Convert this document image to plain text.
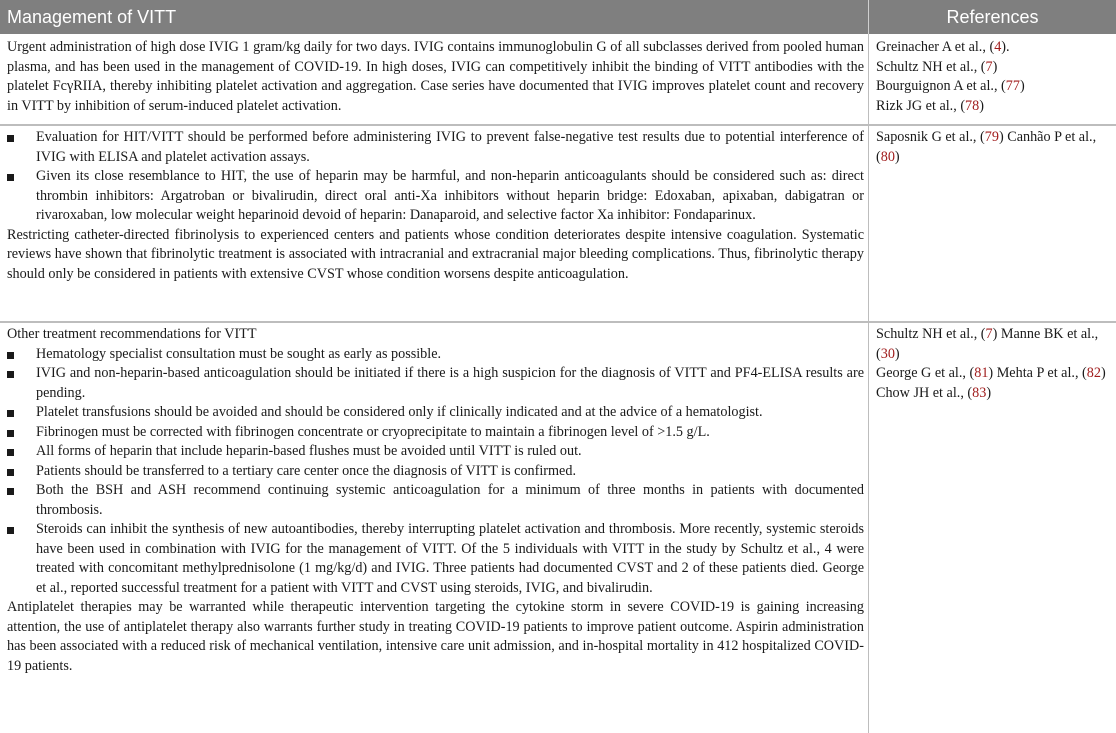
Management of VITT	References

Urgent administration of high dose IVIG 1 gram/kg daily for two days. IVIG contains immunoglobulin G of all subclasses derived from pooled human plasma, and has been used in the management of COVID-19. In high doses, IVIG can competitively inhibit the binding of VITT antibodies with the platelet FcγRIIA, thereby inhibiting platelet activation and aggregation. Case series have documented that IVIG improves platelet count and recovery in VITT by inhibition of serum-induced platelet activation.

Greinacher A et al., (4).

Schultz NH et al., (7)

Bourguignon A et al., (77)

Rizk JG et al., (78)

Evaluation for HIT/VITT should be performed before administering IVIG to prevent false-negative test results due to potential interference of IVIG with ELISA and platelet activation assays.
Given its close resemblance to HIT, the use of heparin may be harmful, and non-heparin anticoagulants should be considered such as: direct thrombin inhibitors: Argatroban or bivalirudin, direct oral anti-Xa inhibitors without heparin bridge: Edoxaban, apixaban, dabigatran or rivaroxaban, low molecular weight heparinoid devoid of heparin: Danaparoid, and selective factor Xa inhibitor: Fondaparinux.

Restricting catheter-directed fibrinolysis to experienced centers and patients whose condition deteriorates despite intensive coagulation. Systematic reviews have shown that fibrinolytic treatment is associated with intracranial and extracranial major bleeding complications. Thus, fibrinolytic therapy should only be considered in patients with extensive CVST whose condition worsens despite anticoagulation.

Saposnik G et al., (79) Canhão P et al., (80)

Other treatment recommendations for VITT

Hematology specialist consultation must be sought as early as possible.
IVIG and non-heparin-based anticoagulation should be initiated if there is a high suspicion for the diagnosis of VITT and PF4-ELISA results are pending.
Platelet transfusions should be avoided and should be considered only if clinically indicated and at the advice of a hematologist.
Fibrinogen must be corrected with fibrinogen concentrate or cryoprecipitate to maintain a fibrinogen level of >1.5 g/L.
All forms of heparin that include heparin-based flushes must be avoided until VITT is ruled out.
Patients should be transferred to a tertiary care center once the diagnosis of VITT is confirmed.
Both the BSH and ASH recommend continuing systemic anticoagulation for a minimum of three months in patients with documented thrombosis.
Steroids can inhibit the synthesis of new autoantibodies, thereby interrupting platelet activation and thrombosis. More recently, systemic steroids have been used in combination with IVIG for the management of VITT. Of the 5 individuals with VITT in the study by Schultz et al., 4 were treated with concomitant methylprednisolone (1 mg/kg/d) and IVIG. Three patients had documented CVST and 2 of these patients died. George et al., reported successful treatment for a patient with VITT and CVST using steroids, IVIG, and bivalirudin.

Antiplatelet therapies may be warranted while therapeutic intervention targeting the cytokine storm in severe COVID-19 is gaining increasing attention, the use of antiplatelet therapy also warrants further study in treating COVID-19 patients to improve patient outcome. Aspirin administration has been associated with a reduced risk of mechanical ventilation, intensive care unit admission, and in-hospital mortality in 412 hospitalized COVID-19 patients.

Schultz NH et al., (7) Manne BK et al., (30)

George G et al., (81) Mehta P et al., (82)

Chow JH et al., (83)
